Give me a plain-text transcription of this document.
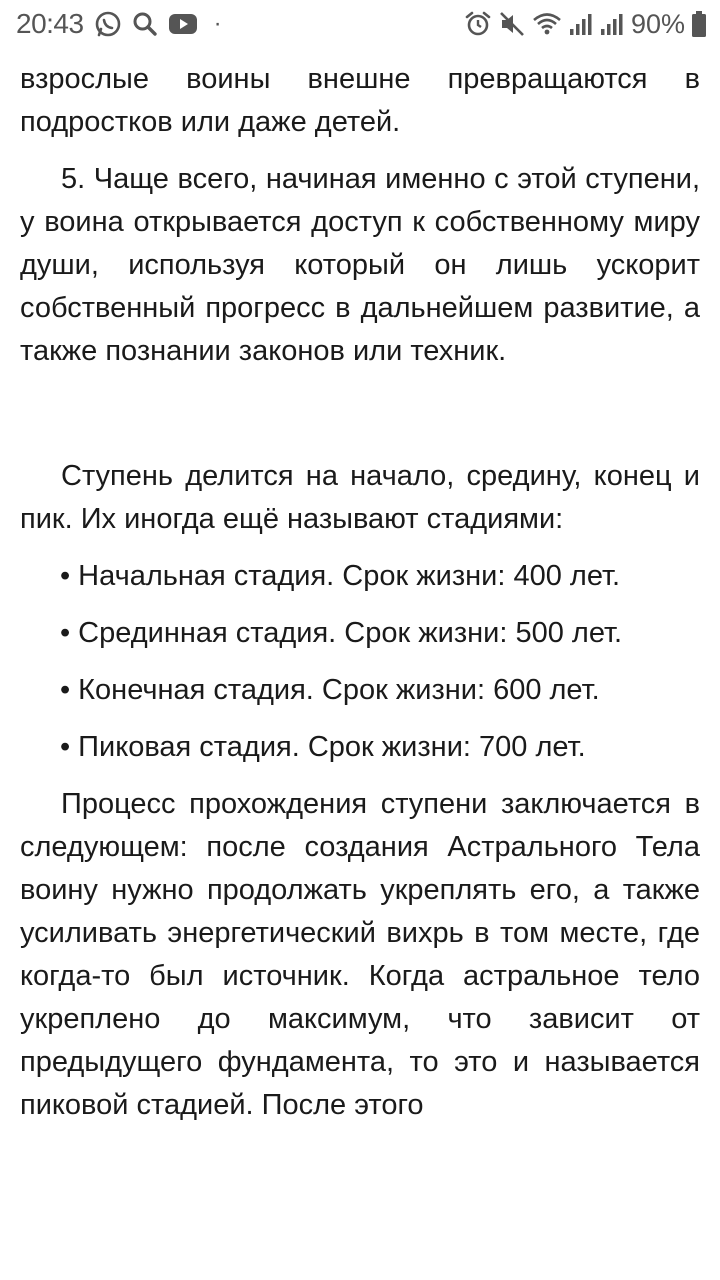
20:43	·	90%

взрослые воины внешне превращаются в подростков или даже детей.

5. Чаще всего, начиная именно с этой ступени, у воина открывается доступ к собственному миру души, используя который он лишь ускорит собственный прогресс в дальнейшем развитие, а также познании законов или техник.

Ступень делится на начало, средину, конец и пик. Их иногда ещё называют стадиями:

• Начальная стадия. Срок жизни: 400 лет.
• Срединная стадия. Срок жизни: 500 лет.
• Конечная стадия. Срок жизни: 600 лет.
• Пиковая стадия. Срок жизни: 700 лет.

Процесс прохождения ступени заключается в следующем: после создания Астрального Тела воину нужно продолжать укреплять его, а также усиливать энергетический вихрь в том месте, где когда-то был источник. Когда астральное тело укреплено до максимум, что зависит от предыдущего фундамента, то это и называется пиковой стадией. После этого
